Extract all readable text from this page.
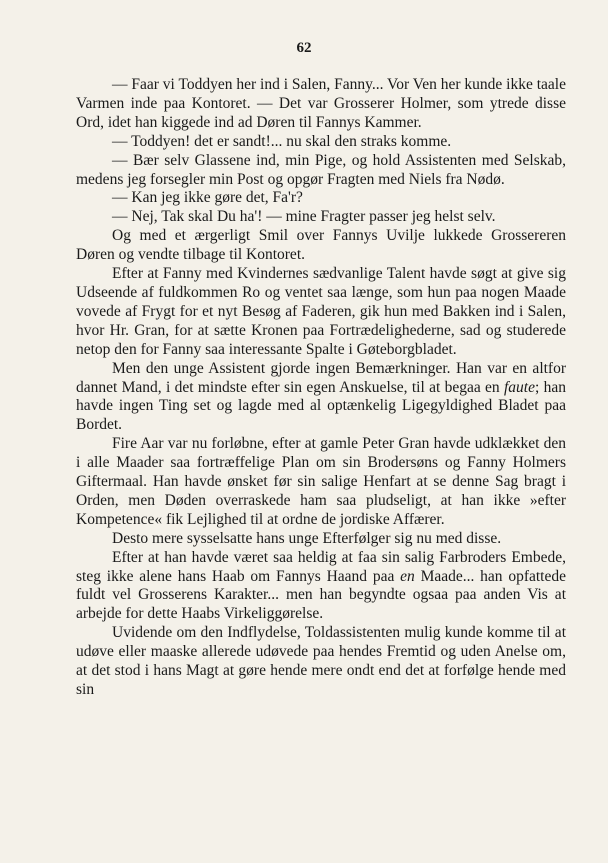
62

— Faar vi Toddyen her ind i Salen, Fanny... Vor Ven her kunde ikke taale Varmen inde paa Kontoret. — Det var Grosserer Holmer, som ytrede disse Ord, idet han kiggede ind ad Døren til Fannys Kammer.

— Toddyen! det er sandt!... nu skal den straks komme.

— Bær selv Glassene ind, min Pige, og hold Assistenten med Selskab, medens jeg forsegler min Post og opgør Fragten med Niels fra Nødø.

— Kan jeg ikke gøre det, Fa'r?

— Nej, Tak skal Du ha'! — mine Fragter passer jeg helst selv.

Og med et ærgerligt Smil over Fannys Uvilje lukkede Grossereren Døren og vendte tilbage til Kontoret.

Efter at Fanny med Kvindernes sædvanlige Talent havde søgt at give sig Udseende af fuldkommen Ro og ventet saa længe, som hun paa nogen Maade vovede af Frygt for et nyt Besøg af Faderen, gik hun med Bakken ind i Salen, hvor Hr. Gran, for at sætte Kronen paa Fortrædelighederne, sad og studerede netop den for Fanny saa interessante Spalte i Gøteborgbladet.

Men den unge Assistent gjorde ingen Bemærkninger. Han var en altfor dannet Mand, i det mindste efter sin egen Anskuelse, til at begaa en faute; han havde ingen Ting set og lagde med al optænkelig Ligegyldighed Bladet paa Bordet.

Fire Aar var nu forløbne, efter at gamle Peter Gran havde udklækket den i alle Maader saa fortræffelige Plan om sin Brodersøns og Fanny Holmers Giftermaal. Han havde ønsket før sin salige Henfart at se denne Sag bragt i Orden, men Døden overraskede ham saa pludseligt, at han ikke »efter Kompetence« fik Lejlighed til at ordne de jordiske Affærer.

Desto mere sysselsatte hans unge Efterfølger sig nu med disse.

Efter at han havde været saa heldig at faa sin salig Farbroders Embede, steg ikke alene hans Haab om Fannys Haand paa en Maade... han opfattede fuldt vel Grosserens Karakter... men han begyndte ogsaa paa anden Vis at arbejde for dette Haabs Virkeliggørelse.

Uvidende om den Indflydelse, Toldassistenten mulig kunde komme til at udøve eller maaske allerede udøvede paa hendes Fremtid og uden Anelse om, at det stod i hans Magt at gøre hende mere ondt end det at forfølge hende med sin
